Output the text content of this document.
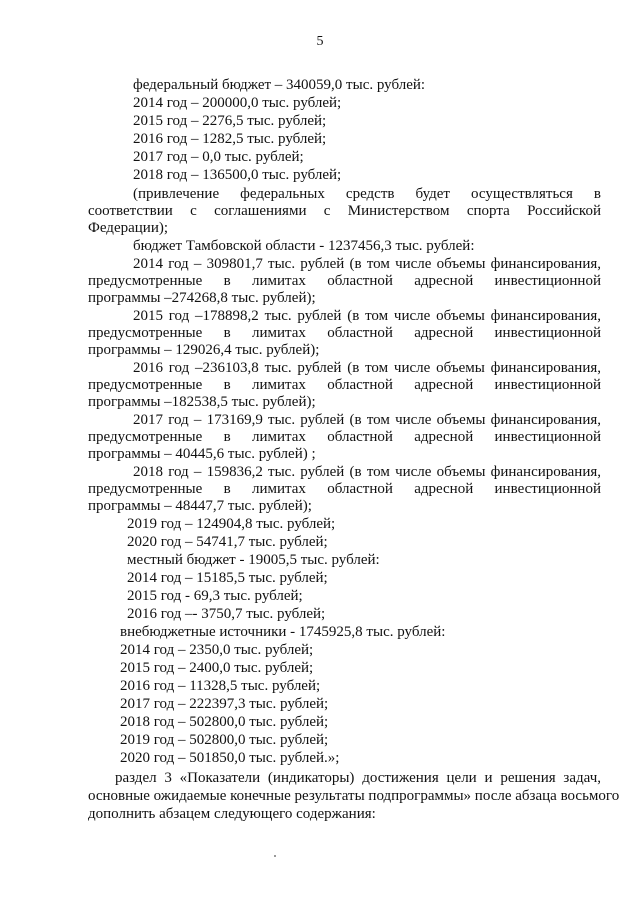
5
федеральный бюджет – 340059,0 тыс. рублей:
2014 год – 200000,0 тыс. рублей;
2015 год – 2276,5 тыс. рублей;
2016 год – 1282,5 тыс. рублей;
2017 год – 0,0 тыс. рублей;
2018 год – 136500,0 тыс. рублей;
(привлечение федеральных средств будет осуществляться в
соответствии с соглашениями с Министерством спорта Российской
Федерации);
бюджет Тамбовской области - 1237456,3 тыс. рублей:
2014 год – 309801,7 тыс. рублей (в том числе объемы финансирования,
предусмотренные в лимитах областной адресной инвестиционной
программы –274268,8 тыс. рублей);
2015 год –178898,2 тыс. рублей (в том числе объемы финансирования,
предусмотренные в лимитах областной адресной инвестиционной
программы – 129026,4 тыс. рублей);
2016 год –236103,8 тыс. рублей (в том числе объемы финансирования,
предусмотренные в лимитах областной адресной инвестиционной
программы –182538,5 тыс. рублей);
2017 год – 173169,9 тыс. рублей (в том числе объемы финансирования,
предусмотренные в лимитах областной адресной инвестиционной
программы – 40445,6 тыс. рублей) ;
2018 год – 159836,2 тыс. рублей (в том числе объемы финансирования,
предусмотренные в лимитах областной адресной инвестиционной
программы – 48447,7 тыс. рублей);
2019 год – 124904,8 тыс. рублей;
2020 год – 54741,7 тыс. рублей;
местный бюджет - 19005,5 тыс. рублей:
2014 год – 15185,5 тыс. рублей;
2015 год - 69,3 тыс. рублей;
2016 год –- 3750,7 тыс. рублей;
внебюджетные источники - 1745925,8 тыс. рублей:
2014 год – 2350,0 тыс. рублей;
2015 год – 2400,0 тыс. рублей;
2016 год – 11328,5 тыс. рублей;
2017 год – 222397,3 тыс. рублей;
2018 год – 502800,0 тыс. рублей;
2019 год – 502800,0 тыс. рублей;
2020 год – 501850,0 тыс. рублей.»;
раздел 3 «Показатели (индикаторы) достижения цели и решения задач,
основные ожидаемые конечные результаты подпрограммы» после абзаца восьмого
дополнить абзацем следующего содержания:
